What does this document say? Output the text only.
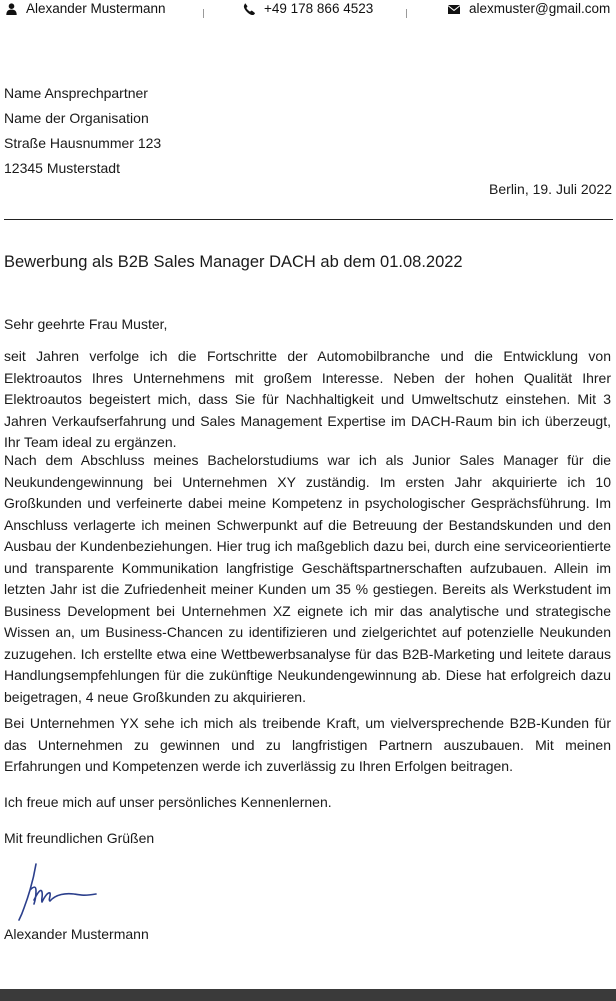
Alexander Mustermann	+49 178 866 4523	alexmuster@gmail.com
Name Ansprechpartner
Name der Organisation
Straße Hausnummer 123
12345 Musterstadt
Berlin, 19. Juli 2022
Bewerbung als B2B Sales Manager DACH ab dem 01.08.2022

Sehr geehrte Frau Muster,

seit Jahren verfolge ich die Fortschritte der Automobilbranche und die Entwicklung von Elektroautos Ihres Unternehmens mit großem Interesse. Neben der hohen Qualität Ihrer Elektroautos begeistert mich, dass Sie für Nachhaltigkeit und Umweltschutz einstehen. Mit 3 Jahren Verkaufserfahrung und Sales Management Expertise im DACH-Raum bin ich überzeugt, Ihr Team ideal zu ergänzen.

Nach dem Abschluss meines Bachelorstudiums war ich als Junior Sales Manager für die Neukundengewinnung bei Unternehmen XY zuständig. Im ersten Jahr akquirierte ich 10 Großkunden und verfeinerte dabei meine Kompetenz in psychologischer Gesprächsführung. Im Anschluss verlagerte ich meinen Schwerpunkt auf die Betreuung der Bestandskunden und den Ausbau der Kundenbeziehungen. Hier trug ich maßgeblich dazu bei, durch eine serviceorientierte und transparente Kommunikation langfristige Geschäftspartnerschaften aufzubauen. Allein im letzten Jahr ist die Zufriedenheit meiner Kunden um 35 % gestiegen. Bereits als Werkstudent im Business Development bei Unternehmen XZ eignete ich mir das analytische und strategische Wissen an, um Business-Chancen zu identifizieren und zielgerichtet auf potenzielle Neukunden zuzugehen. Ich erstellte etwa eine Wettbewerbsanalyse für das B2B-Marketing und leitete daraus Handlungsempfehlungen für die zukünftige Neukundengewinnung ab. Diese hat erfolgreich dazu beigetragen, 4 neue Großkunden zu akquirieren.

Bei Unternehmen YX sehe ich mich als treibende Kraft, um vielversprechende B2B-Kunden für das Unternehmen zu gewinnen und zu langfristigen Partnern auszubauen. Mit meinen Erfahrungen und Kompetenzen werde ich zuverlässig zu Ihren Erfolgen beitragen.

Ich freue mich auf unser persönliches Kennenlernen.

Mit freundlichen Grüßen

Alexander Mustermann
